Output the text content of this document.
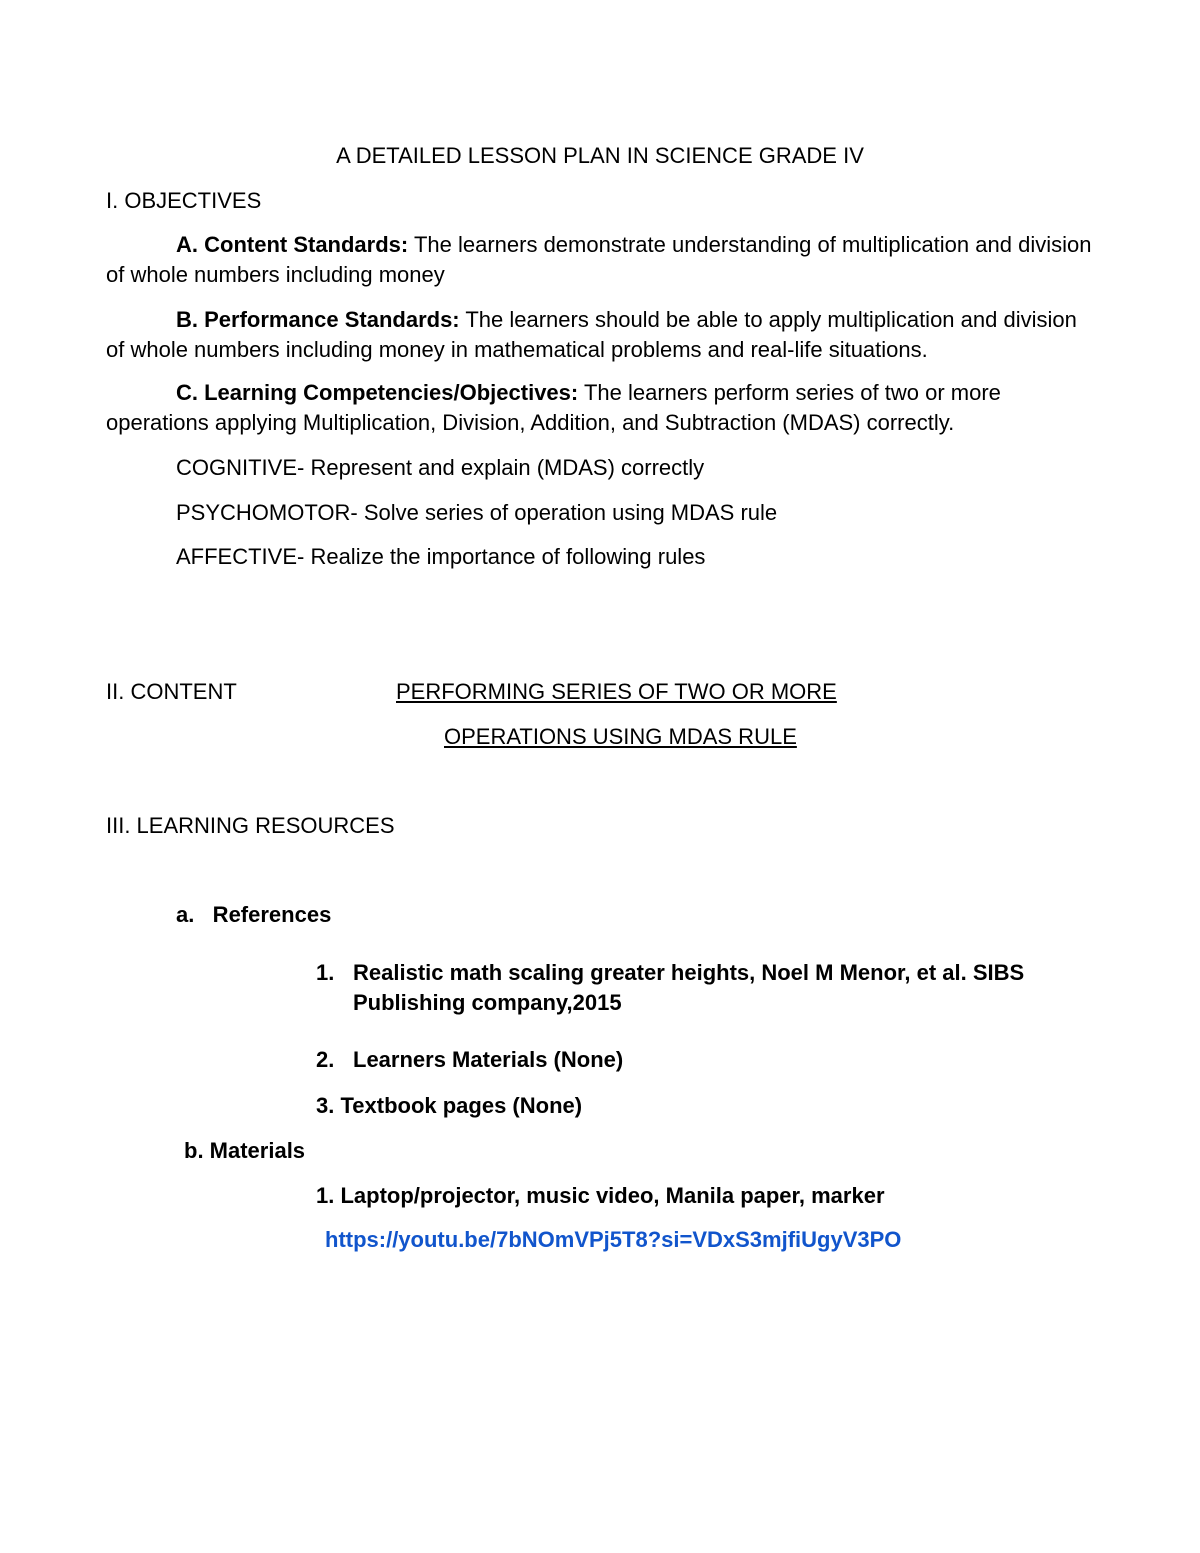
A DETAILED LESSON PLAN IN SCIENCE GRADE IV
I. OBJECTIVES
A. Content Standards: The learners demonstrate understanding of multiplication and division of whole numbers including money
B. Performance Standards: The learners should be able to apply multiplication and division of whole numbers including money in mathematical problems and real-life situations.
C. Learning Competencies/Objectives: The learners perform series of two or more operations applying Multiplication, Division, Addition, and Subtraction (MDAS) correctly.
COGNITIVE- Represent and explain (MDAS) correctly
PSYCHOMOTOR- Solve series of operation using MDAS rule
AFFECTIVE- Realize the importance of following rules
II. CONTENT	PERFORMING SERIES OF TWO OR MORE
OPERATIONS USING MDAS RULE
III. LEARNING RESOURCES
a.   References
1. Realistic math scaling greater heights, Noel M Menor, et al. SIBS
Publishing company,2015
2. Learners Materials (None)
3. Textbook pages (None)
b. Materials
1. Laptop/projector, music video, Manila paper, marker
https://youtu.be/7bNOmVPj5T8?si=VDxS3mjfiUgyV3PO
